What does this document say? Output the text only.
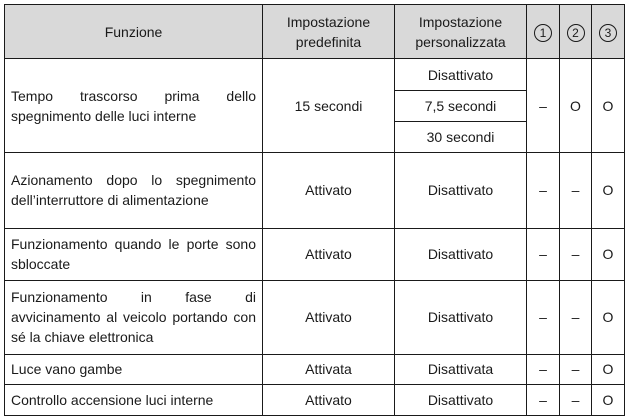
Funzione	Impostazione predefinita	Impostazione personalizzata	1	2	3
Tempo trascorso prima dello spegnimento delle luci interne	15 secondi	Disattivato	–	O	O
		7,5 secondi			
		30 secondi			
Azionamento dopo lo spegnimento dell’interruttore di alimentazione	Attivato	Disattivato	–	–	O
Funzionamento quando le porte sono sbloccate	Attivato	Disattivato	–	–	O
Funzionamento in fase di avvicinamento al veicolo portando con sé la chiave elettronica	Attivato	Disattivato	–	–	O
Luce vano gambe	Attivata	Disattivata	–	–	O
Controllo accensione luci interne	Attivato	Disattivato	–	–	O
